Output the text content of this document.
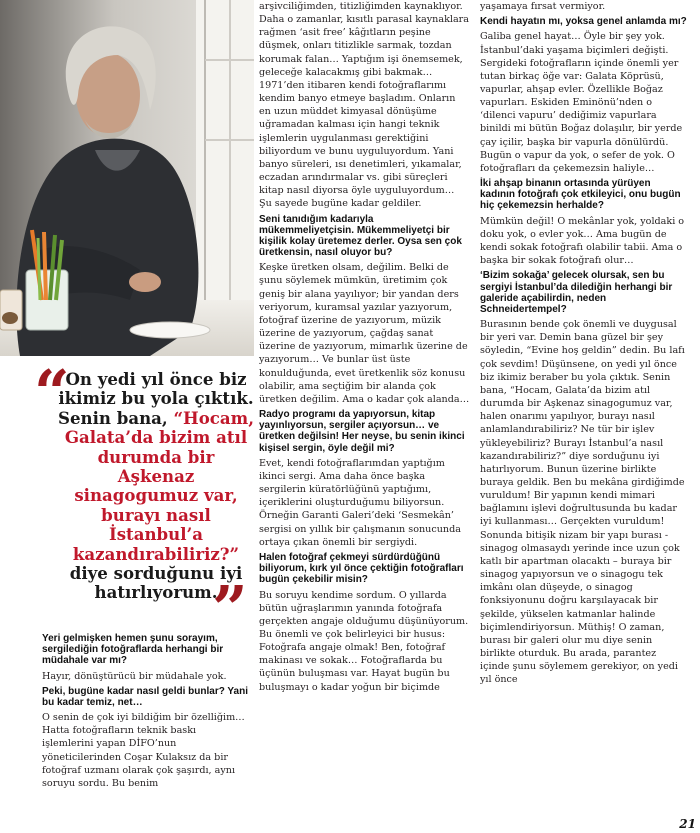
“
On yedi yıl önce biz ikimiz bu yola çıktık. Senin bana, “Hocam, Galata’da bizim atıl durumda bir Aşkenaz sinagogumuz var, burayı nasıl İstanbul’a kazandırabiliriz?” diye sorduğunu iyi hatırlıyorum.
”

Yeri gelmişken hemen şunu sorayım, sergilediğin fotoğraflarda herhangi bir müdahale var mı?

Hayır, dönüştürücü bir müdahale yok.

Peki, bugüne kadar nasıl geldi bunlar? Yani bu kadar temiz, net…

O senin de çok iyi bildiğim bir özelliğim… Hatta fotoğrafların teknik baskı işlemlerini yapan DİFO’nun yöneticilerinden Coşar Kulaksız da bir fotoğraf uzmanı olarak çok şaşırdı, aynı soruyu sordu. Bu benim

arşivciliğimden, titizliğimden kaynaklıyor. Daha o zamanlar, kısıtlı parasal kaynaklara rağmen ‘asit free’ kâğıtların peşine düşmek, onları titizlikle sarmak, tozdan korumak falan… Yaptığım işi önemsemek, geleceğe kalacakmış gibi bakmak… 1971’den itibaren kendi fotoğraflarımı kendim banyo etmeye başladım. Onların en uzun müddet kimyasal dönüşüme uğramadan kalması için hangi teknik işlemlerin uygulanması gerektiğini biliyordum ve bunu uyguluyordum. Yani banyo süreleri, ısı denetimleri, yıkamalar, eczadan arındırmalar vs. gibi süreçleri kitap nasıl diyorsa öyle uyguluyordum… Şu sayede bugüne kadar geldiler.

Seni tanıdığım kadarıyla mükemmeliyetçisin. Mükemmeliyetçi bir kişilik kolay üretemez derler. Oysa sen çok üretkensin, nasıl oluyor bu?

Keşke üretken olsam, değilim. Belki de şunu söylemek mümkün, üretimim çok geniş bir alana yayılıyor; bir yandan ders veriyorum, kuramsal yazılar yazıyorum, fotoğraf üzerine de yazıyorum, müzik üzerine de yazıyorum, çağdaş sanat üzerine de yazıyorum, mimarlık üzerine de yazıyorum… Ve bunlar üst üste konulduğunda, evet üretkenlik söz konusu olabilir, ama seçtiğim bir alanda çok üretken değilim. Ama o kadar çok alanda…

Radyo programı da yapıyorsun, kitap yayınlıyorsun, sergiler açıyorsun… ve üretken değilsin! Her neyse, bu senin ikinci kişisel sergin, öyle değil mi?

Evet, kendi fotoğraflarımdan yaptığım ikinci sergi. Ama daha önce başka sergilerin küratörlüğünü yaptığımı, içeriklerini oluşturduğumu biliyorsun. Örneğin Garanti Galeri’deki ‘Sesmekân’ sergisi on yıllık bir çalışmanın sonucunda ortaya çıkan önemli bir sergiydi.

Halen fotoğraf çekmeyi sürdürdüğünü biliyorum, kırk yıl önce çektiğin fotoğrafları bugün çekebilir misin?

Bu soruyu kendime sordum. O yıllarda bütün uğraşlarımın yanında fotoğrafa gerçekten angaje olduğumu düşünüyorum. Bu önemli ve çok belirleyici bir husus: Fotoğrafa angaje olmak! Ben, fotoğraf makinası ve sokak… Fotoğraflarda bu üçünün buluşması var. Hayat bugün bu buluşmayı o kadar yoğun bir biçimde

yaşamaya fırsat vermiyor.

Kendi hayatın mı, yoksa genel anlamda mı?

Galiba genel hayat… Öyle bir şey yok. İstanbul’daki yaşama biçimleri değişti. Sergideki fotoğrafların içinde önemli yer tutan birkaç öğe var: Galata Köprüsü, vapurlar, ahşap evler. Özellikle Boğaz vapurları. Eskiden Eminönü’nden o ‘dilenci vapuru’ dediğimiz vapurlara binildi mi bütün Boğaz dolaşılır, bir yerde çay içilir, başka bir vapurla dönülürdü. Bugün o vapur da yok, o sefer de yok. O fotoğrafları da çekemezsin haliyle…

İki ahşap binanın ortasında yürüyen kadının fotoğrafı çok etkileyici, onu bugün hiç çekemezsin herhalde?

Mümkün değil! O mekânlar yok, yoldaki o doku yok, o evler yok… Ama bugün de kendi sokak fotoğrafı olabilir tabii. Ama o başka bir sokak fotoğrafı olur…

‘Bizim sokağa’ gelecek olursak, sen bu sergiyi İstanbul’da dilediğin herhangi bir galeride açabilirdin, neden Schneidertempel?

Burasının bende çok önemli ve duygusal bir yeri var. Demin bana güzel bir şey söyledin, “Evine hoş geldin” dedin. Bu lafı çok sevdim! Düşünsene, on yedi yıl önce biz ikimiz beraber bu yola çıktık. Senin bana, “Hocam, Galata’da bizim atıl durumda bir Aşkenaz sinagogumuz var, halen onarımı yapılıyor, burayı nasıl anlamlandırabiliriz? Ne tür bir işlev yükleyebiliriz? Burayı İstanbul’a nasıl kazandırabiliriz?” diye sorduğunu iyi hatırlıyorum. Bunun üzerine birlikte buraya geldik. Ben bu mekâna girdiğimde vuruldum! Bir yapının kendi mimari bağlamını işlevi doğrultusunda bu kadar iyi kullanması… Gerçekten vuruldum! Sonunda bitişik nizam bir yapı burası - sinagog olmasaydı yerinde ince uzun çok katlı bir apartman olacaktı – buraya bir sinagog yapıyorsun ve o sinagogu tek imkânı olan düşeyde, o sinagog fonksiyonunu doğru karşılayacak bir şekilde, yükselen katmanlar halinde biçimlendiriyorsun. Müthiş! O zaman, burası bir galeri olur mu diye senin birlikte oturduk. Bu arada, parantez içinde şunu söylemem gerekiyor, on yedi yıl önce

21
